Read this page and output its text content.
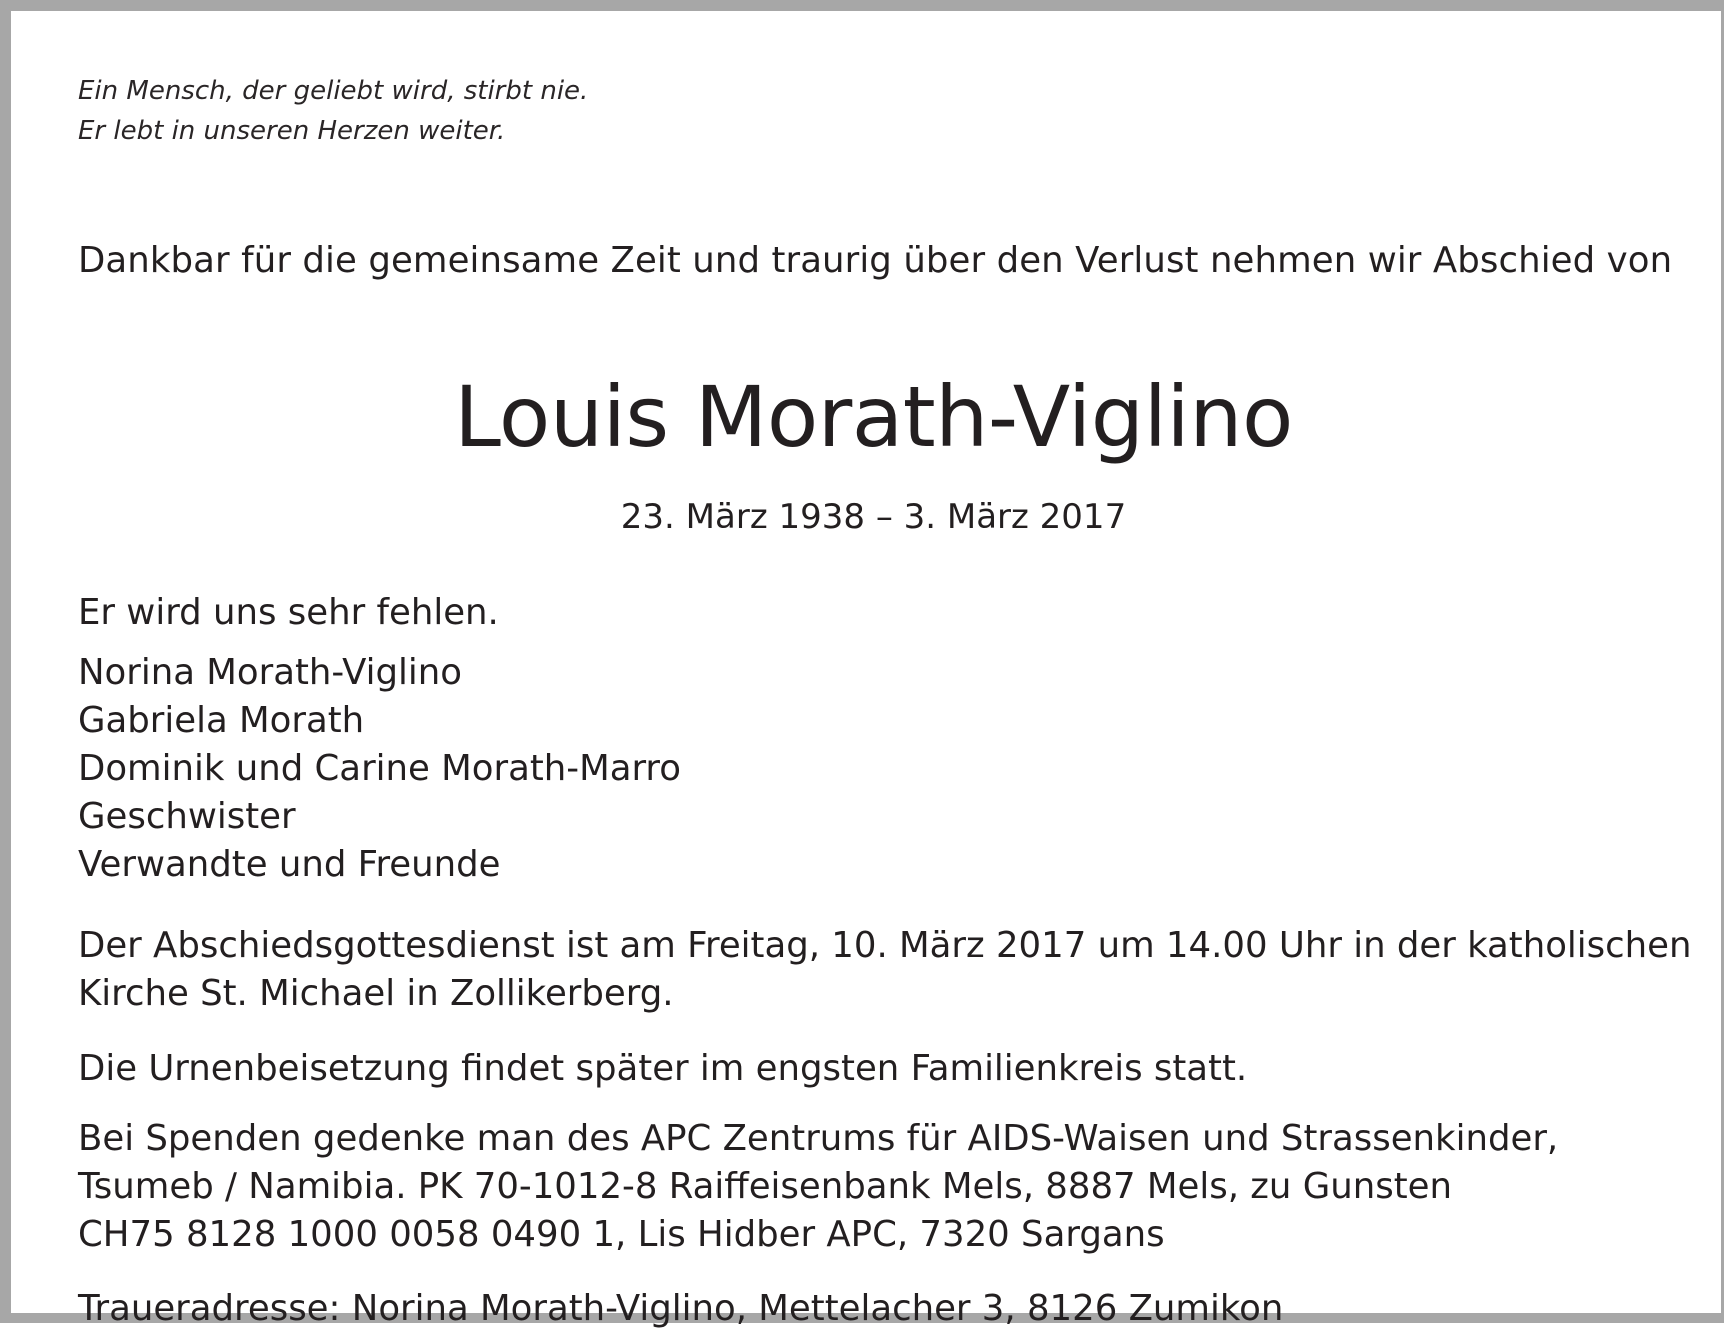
Ein Mensch, der geliebt wird, stirbt nie.
Er lebt in unseren Herzen weiter.
Dankbar für die gemeinsame Zeit und traurig über den Verlust nehmen wir Abschied von
Louis Morath-Viglino
23. März 1938 – 3. März 2017
Er wird uns sehr fehlen.
Norina Morath-Viglino
Gabriela Morath
Dominik und Carine Morath-Marro
Geschwister
Verwandte und Freunde
Der Abschiedsgottesdienst ist am Freitag, 10. März 2017 um 14.00 Uhr in der katholischen
Kirche St. Michael in Zollikerberg.
Die Urnenbeisetzung findet später im engsten Familienkreis statt.
Bei Spenden gedenke man des APC Zentrums für AIDS-Waisen und Strassenkinder,
Tsumeb / Namibia. PK 70-1012-8 Raiffeisenbank Mels, 8887 Mels, zu Gunsten
CH75 8128 1000 0058 0490 1, Lis Hidber APC, 7320 Sargans
Traueradresse: Norina Morath-Viglino, Mettelacher 3, 8126 Zumikon
